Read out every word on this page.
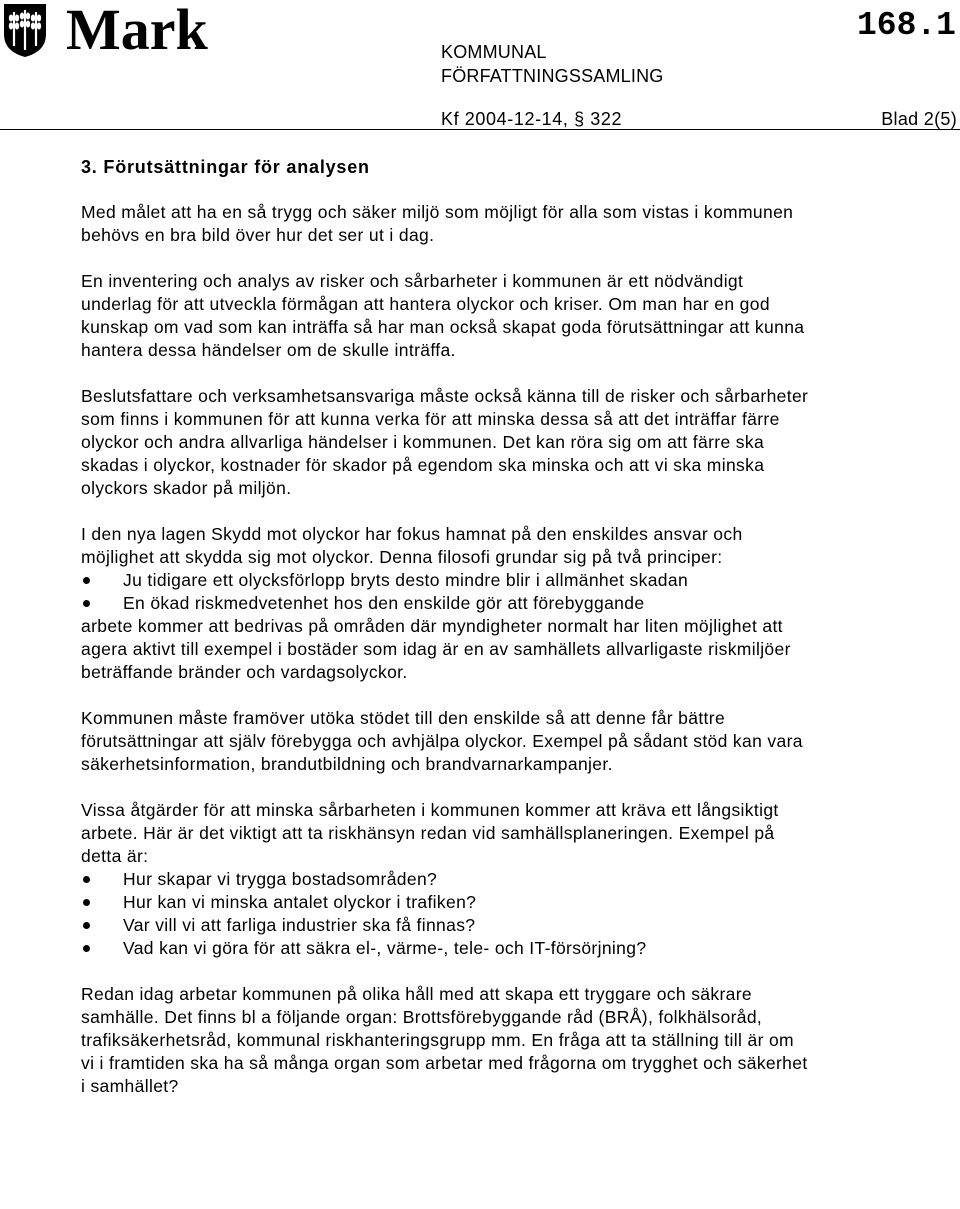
Mark	KOMMUNAL
FÖRFATTNINGSSAMLING
168.1
Kf 2004-12-14, § 322	Blad 2(5)
3. Förutsättningar för analysen

Med målet att ha en så trygg och säker miljö som möjligt för alla som vistas i kommunen behövs en bra bild över hur det ser ut i dag.

En inventering och analys av risker och sårbarheter i kommunen är ett nödvändigt underlag för att utveckla förmågan att hantera olyckor och kriser. Om man har en god kunskap om vad som kan inträffa så har man också skapat goda förutsättningar att kunna hantera dessa händelser om de skulle inträffa.

Beslutsfattare och verksamhetsansvariga måste också känna till de risker och sårbarheter som finns i kommunen för att kunna verka för att minska dessa så att det inträffar färre olyckor och andra allvarliga händelser i kommunen. Det kan röra sig om att färre ska skadas i olyckor, kostnader för skador på egendom ska minska och att vi ska minska olyckors skador på miljön.

I den nya lagen Skydd mot olyckor har fokus hamnat på den enskildes ansvar och möjlighet att skydda sig mot olyckor. Denna filosofi grundar sig på två principer:

Ju tidigare ett olycksförlopp bryts desto mindre blir i allmänhet skadan
En ökad riskmedvetenhet hos den enskilde gör att förebyggande

arbete kommer att bedrivas på områden där myndigheter normalt har liten möjlighet att agera aktivt till exempel i bostäder som idag är en av samhällets allvarligaste riskmiljöer beträffande bränder och vardagsolyckor.

Kommunen måste framöver utöka stödet till den enskilde så att denne får bättre förutsättningar att själv förebygga och avhjälpa olyckor. Exempel på sådant stöd kan vara säkerhetsinformation, brandutbildning och brandvarnarkampanjer.

Vissa åtgärder för att minska sårbarheten i kommunen kommer att kräva ett långsiktigt arbete. Här är det viktigt att ta riskhänsyn redan vid samhällsplaneringen. Exempel på detta är:

Hur skapar vi trygga bostadsområden?
Hur kan vi minska antalet olyckor i trafiken?
Var vill vi att farliga industrier ska få finnas?
Vad kan vi göra för att säkra el-, värme-, tele- och IT-försörjning?

Redan idag arbetar kommunen på olika håll med att skapa ett tryggare och säkrare samhälle. Det finns bl a följande organ: Brottsförebyggande råd (BRÅ), folkhälsoråd, trafiksäkerhetsråd, kommunal riskhanteringsgrupp mm. En fråga att ta ställning till är om vi i framtiden ska ha så många organ som arbetar med frågorna om trygghet och säkerhet i samhället?
